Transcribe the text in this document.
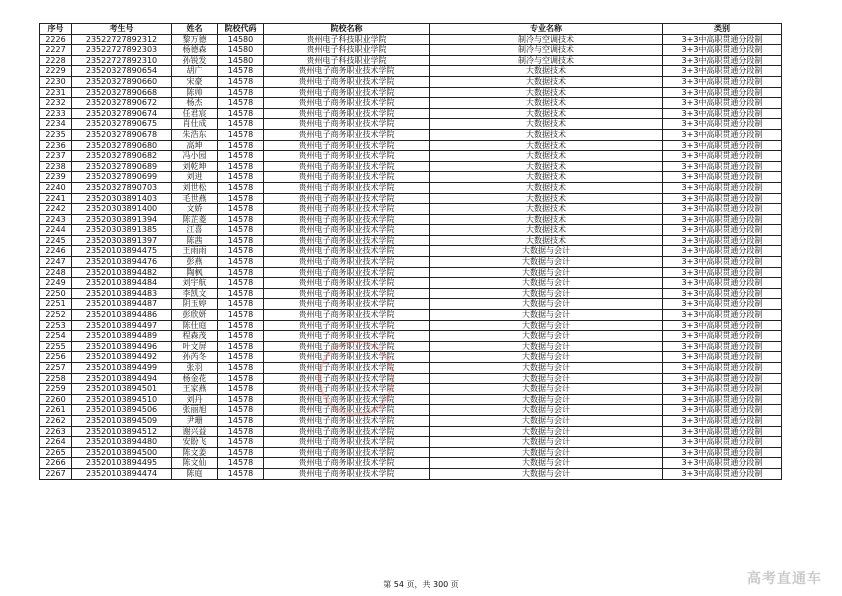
序号	考生号	姓名	院校代码	院校名称	专业名称	类别
2226	23522727892312	黎万德	14580	贵州电子科技职业学院	制冷与空调技术	3+3中高职贯通分段制
2227	23522727892303	杨德森	14580	贵州电子科技职业学院	制冷与空调技术	3+3中高职贯通分段制
2228	23522727892310	孙锐发	14580	贵州电子科技职业学院	制冷与空调技术	3+3中高职贯通分段制
2229	23520327890654	胡广	14578	贵州电子商务职业技术学院	大数据技术	3+3中高职贯通分段制
2230	23520327890660	宋豪	14578	贵州电子商务职业技术学院	大数据技术	3+3中高职贯通分段制
2231	23520327890668	陈帅	14578	贵州电子商务职业技术学院	大数据技术	3+3中高职贯通分段制
2232	23520327890672	杨杰	14578	贵州电子商务职业技术学院	大数据技术	3+3中高职贯通分段制
2233	23520327890674	任君宸	14578	贵州电子商务职业技术学院	大数据技术	3+3中高职贯通分段制
2234	23520327890675	肖仕成	14578	贵州电子商务职业技术学院	大数据技术	3+3中高职贯通分段制
2235	23520327890678	朱浩东	14578	贵州电子商务职业技术学院	大数据技术	3+3中高职贯通分段制
2236	23520327890680	高坤	14578	贵州电子商务职业技术学院	大数据技术	3+3中高职贯通分段制
2237	23520327890682	冯小园	14578	贵州电子商务职业技术学院	大数据技术	3+3中高职贯通分段制
2238	23520327890689	刘乾坤	14578	贵州电子商务职业技术学院	大数据技术	3+3中高职贯通分段制
2239	23520327890699	刘进	14578	贵州电子商务职业技术学院	大数据技术	3+3中高职贯通分段制
2240	23520327890703	刘世松	14578	贵州电子商务职业技术学院	大数据技术	3+3中高职贯通分段制
2241	23520303891403	毛世燕	14578	贵州电子商务职业技术学院	大数据技术	3+3中高职贯通分段制
2242	23520303891400	文娇	14578	贵州电子商务职业技术学院	大数据技术	3+3中高职贯通分段制
2243	23520303891394	陈芷菱	14578	贵州电子商务职业技术学院	大数据技术	3+3中高职贯通分段制
2244	23520303891385	江喜	14578	贵州电子商务职业技术学院	大数据技术	3+3中高职贯通分段制
2245	23520303891397	陈茜	14578	贵州电子商务职业技术学院	大数据技术	3+3中高职贯通分段制
2246	23520103894475	王雨雨	14578	贵州电子商务职业技术学院	大数据与会计	3+3中高职贯通分段制
2247	23520103894476	彭燕	14578	贵州电子商务职业技术学院	大数据与会计	3+3中高职贯通分段制
2248	23520103894482	陶枫	14578	贵州电子商务职业技术学院	大数据与会计	3+3中高职贯通分段制
2249	23520103894484	刘宇航	14578	贵州电子商务职业技术学院	大数据与会计	3+3中高职贯通分段制
2250	23520103894483	李凯文	14578	贵州电子商务职业技术学院	大数据与会计	3+3中高职贯通分段制
2251	23520103894487	阴玉婷	14578	贵州电子商务职业技术学院	大数据与会计	3+3中高职贯通分段制
2252	23520103894486	彭欣妍	14578	贵州电子商务职业技术学院	大数据与会计	3+3中高职贯通分段制
2253	23520103894497	陈仕庭	14578	贵州电子商务职业技术学院	大数据与会计	3+3中高职贯通分段制
2254	23520103894489	程森茂	14578	贵州电子商务职业技术学院	大数据与会计	3+3中高职贯通分段制
2255	23520103894496	叶文屏	14578	贵州电子商务职业技术学院	大数据与会计	3+3中高职贯通分段制
2256	23520103894492	孙芮冬	14578	贵州电子商务职业技术学院	大数据与会计	3+3中高职贯通分段制
2257	23520103894499	张羽	14578	贵州电子商务职业技术学院	大数据与会计	3+3中高职贯通分段制
2258	23520103894494	杨金花	14578	贵州电子商务职业技术学院	大数据与会计	3+3中高职贯通分段制
2259	23520103894501	王家燕	14578	贵州电子商务职业技术学院	大数据与会计	3+3中高职贯通分段制
2260	23520103894510	刘丹	14578	贵州电子商务职业技术学院	大数据与会计	3+3中高职贯通分段制
2261	23520103894506	张丽旭	14578	贵州电子商务职业技术学院	大数据与会计	3+3中高职贯通分段制
2262	23520103894509	尹珊	14578	贵州电子商务职业技术学院	大数据与会计	3+3中高职贯通分段制
2263	23520103894512	谢兴益	14578	贵州电子商务职业技术学院	大数据与会计	3+3中高职贯通分段制
2264	23520103894480	安盼飞	14578	贵州电子商务职业技术学院	大数据与会计	3+3中高职贯通分段制
2265	23520103894500	陈文姜	14578	贵州电子商务职业技术学院	大数据与会计	3+3中高职贯通分段制
2266	23520103894495	陈文仙	14578	贵州电子商务职业技术学院	大数据与会计	3+3中高职贯通分段制
2267	23520103894474	陈庭	14578	贵州电子商务职业技术学院	大数据与会计	3+3中高职贯通分段制
第 54 页，共 300 页	高考直通车
